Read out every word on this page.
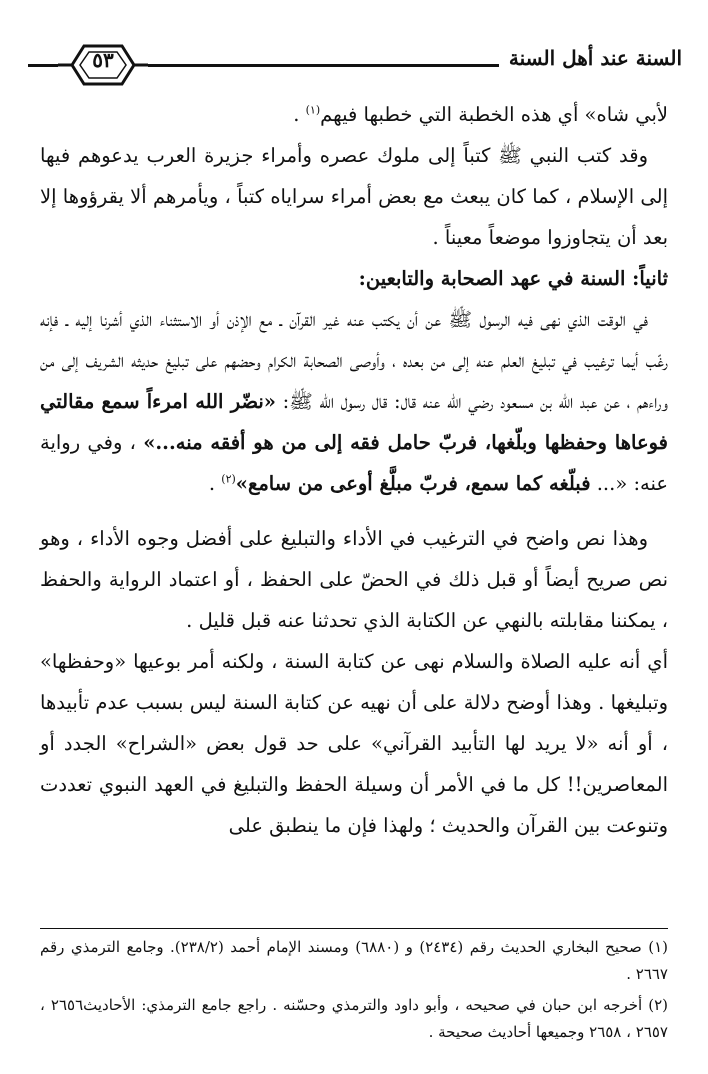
السنة عند أهل السنة
٥٣

لأبي شاه» أي هذه الخطبة التي خطبها فيهم$^{(١)}$ .

وقد كتب النبي ﷺ كتباً إلى ملوك عصره وأمراء جزيرة العرب يدعوهم فيها إلى الإسلام ، كما كان يبعث مع بعض أمراء سراياه كتباً ، ويأمرهم ألا يقرؤوها إلا بعد أن يتجاوزوا موضعاً معيناً .

ثانياً: السنة في عهد الصحابة والتابعين:

في الوقت الذي نهى فيه الرسول ﷺ عن أن يكتب عنه غير القرآن ـ مع الإذن أو الاستثناء الذي أشرنا إليه ـ فإنه رغّب أيما ترغيب في تبليغ العلم عنه إلى من بعده ، وأوصى الصحابة الكرام وحضهم على تبليغ حديثه الشريف إلى من وراءهم ، عن عبد الله بن مسعود رضي الله عنه قال: قال رسول الله ﷺ: «نضّر الله امرءاً سمع مقالتي فوعاها وحفظها وبلّغها، فربّ حامل فقه إلى من هو أفقه منه...» ، وفي رواية عنه: «... فبلّغه كما سمع، فربّ مبلَّغ أوعى من سامع»$^{(٢)}$ .

وهذا نص واضح في الترغيب في الأداء والتبليغ على أفضل وجوه الأداء ، وهو نص صريح أيضاً أو قبل ذلك في الحضّ على الحفظ ، أو اعتماد الرواية والحفظ ، يمكننا مقابلته بالنهي عن الكتابة الذي تحدثنا عنه قبل قليل .

أي أنه عليه الصلاة والسلام نهى عن كتابة السنة ، ولكنه أمر بوعيها «وحفظها» وتبليغها . وهذا أوضح دلالة على أن نهيه عن كتابة السنة ليس بسبب عدم تأبيدها ، أو أنه «لا يريد لها التأبيد القرآني» على حد قول بعض «الشراح» الجدد أو المعاصرين!! كل ما في الأمر أن وسيلة الحفظ والتبليغ في العهد النبوي تعددت وتنوعت بين القرآن والحديث ؛ ولهذا فإن ما ينطبق على

(١) صحيح البخاري الحديث رقم (٢٤٣٤) و (٦٨٨٠) ومسند الإمام أحمد (٢٣٨/٢). وجامع الترمذي رقم ٢٦٦٧ .

(٢) أخرجه ابن حبان في صحيحه ، وأبو داود والترمذي وحسّنه . راجع جامع الترمذي: الأحاديث٢٦٥٦ ، ٢٦٥٧ ، ٢٦٥٨ وجميعها أحاديث صحيحة .
